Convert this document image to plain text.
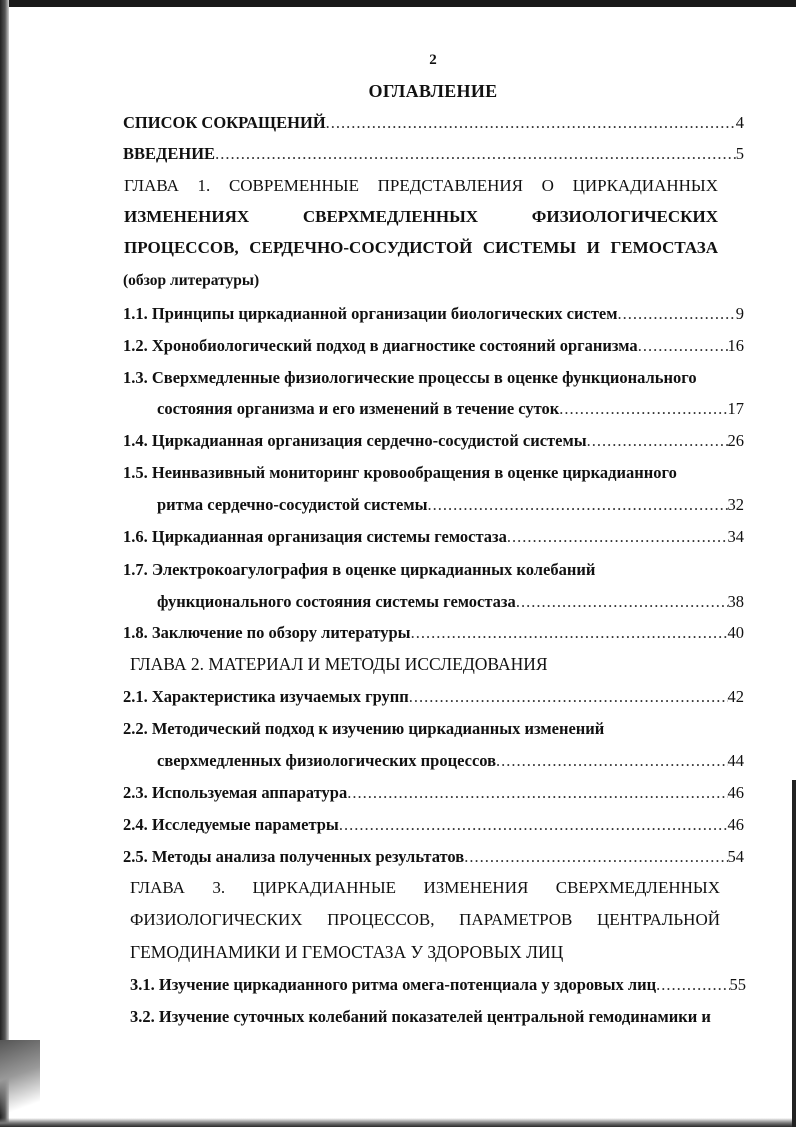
2
ОГЛАВЛЕНИЕ
СПИСОК СОКРАЩЕНИЙ .....	4
ВВЕДЕНИЕ .....	5
ГЛАВА 1. СОВРЕМЕННЫЕ ПРЕДСТАВЛЕНИЯ О ЦИРКАДИАННЫХ
ИЗМЕНЕНИЯХ СВЕРХМЕДЛЕННЫХ ФИЗИОЛОГИЧЕСКИХ
ПРОЦЕССОВ, СЕРДЕЧНО-СОСУДИСТОЙ СИСТЕМЫ И ГЕМОСТАЗА
(обзор литературы)
1.1. Принципы циркадианной организации биологических систем .....	9
1.2. Хронобиологический подход в диагностике состояний организма .....	16
1.3. Сверхмедленные физиологические процессы в оценке функционального
состояния организма и его изменений в течение суток .....	17
1.4. Циркадианная организация сердечно-сосудистой системы .....	26
1.5. Неинвазивный мониторинг кровообращения в оценке циркадианного
ритма сердечно-сосудистой системы .....	32
1.6. Циркадианная организация системы гемостаза .....	34
1.7. Электрокоагулография в оценке циркадианных колебаний
функционального состояния системы гемостаза .....	38
1.8. Заключение по обзору литературы .....	40
ГЛАВА 2. МАТЕРИАЛ И МЕТОДЫ ИССЛЕДОВАНИЯ
2.1. Характеристика изучаемых групп .....	42
2.2. Методический подход к изучению циркадианных изменений
сверхмедленных физиологических процессов .....	44
2.3. Используемая аппаратура .....	46
2.4. Исследуемые параметры .....	46
2.5. Методы анализа полученных результатов .....	54
ГЛАВА 3. ЦИРКАДИАННЫЕ ИЗМЕНЕНИЯ СВЕРХМЕДЛЕННЫХ
ФИЗИОЛОГИЧЕСКИХ ПРОЦЕССОВ, ПАРАМЕТРОВ ЦЕНТРАЛЬНОЙ
ГЕМОДИНАМИКИ И ГЕМОСТАЗА У ЗДОРОВЫХ ЛИЦ
3.1. Изучение циркадианного ритма омега-потенциала у здоровых лиц .....	55
3.2. Изучение суточных колебаний показателей центральной гемодинамики и
